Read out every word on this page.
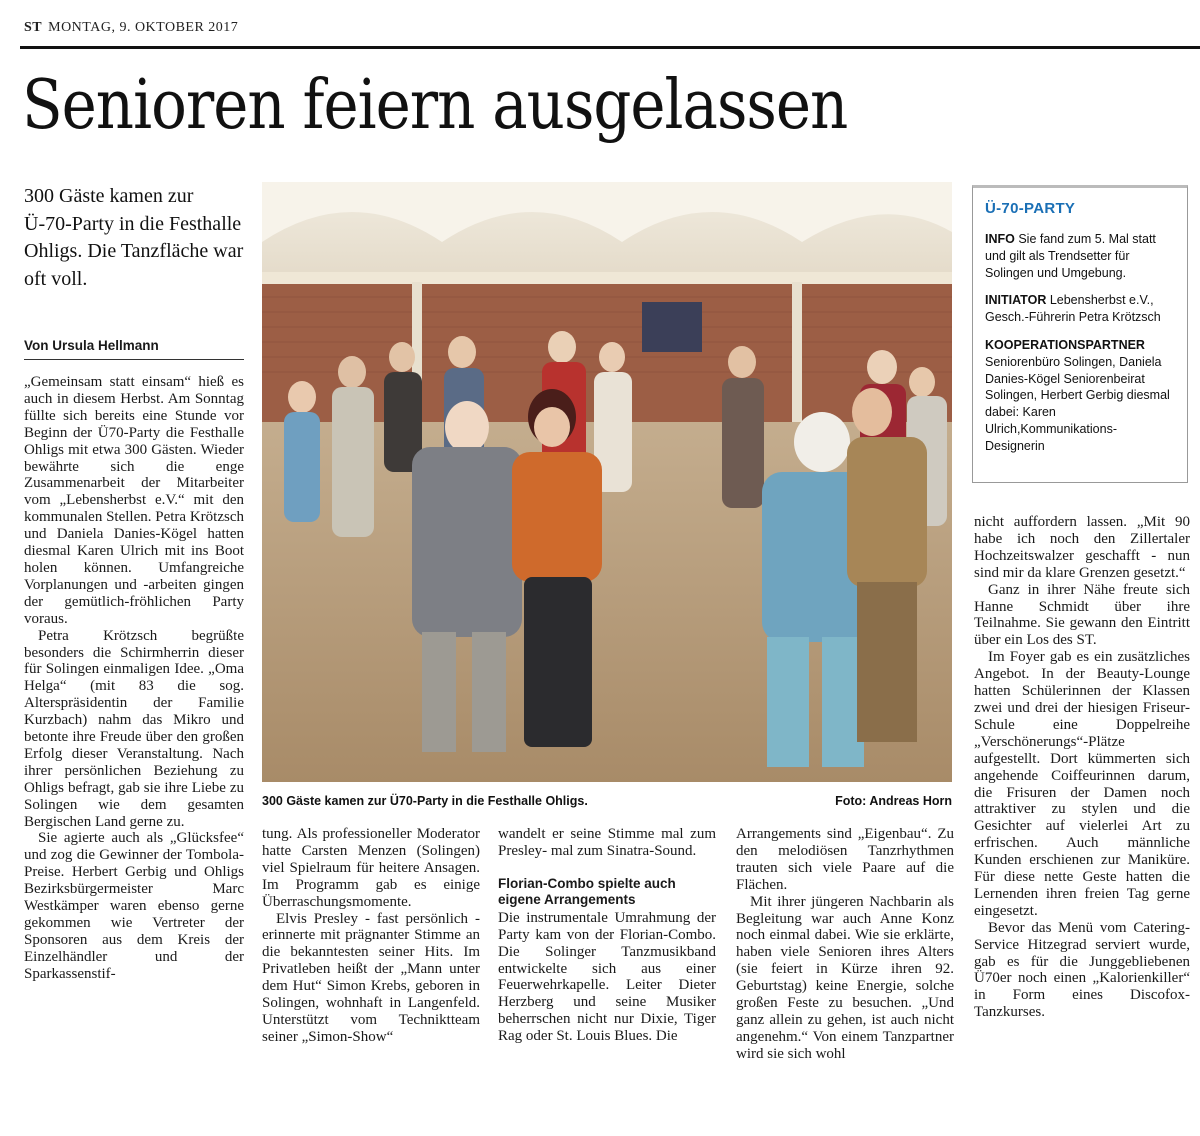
ST MONTAG, 9. OKTOBER 2017
Senioren feiern ausgelassen
300 Gäste kamen zur Ü-70-Party in die Festhalle Ohligs. Die Tanzfläche war oft voll.
Von Ursula Hellmann

„Gemeinsam statt einsam“ hieß es auch in diesem Herbst. Am Sonntag füllte sich bereits eine Stunde vor Beginn der Ü70-Party die Festhalle Ohligs mit etwa 300 Gästen. Wieder bewährte sich die enge Zusammenarbeit der Mitarbeiter vom „Lebensherbst e.V.“ mit den kommunalen Stellen. Petra Krötzsch und Daniela Danies-Kögel hatten diesmal Karen Ulrich mit ins Boot holen können. Umfangreiche Vorplanungen und -arbeiten gingen der gemütlich-fröhlichen Party voraus.

Petra Krötzsch begrüßte besonders die Schirmherrin dieser für Solingen einmaligen Idee. „Oma Helga“ (mit 83 die sog. Alterspräsidentin der Familie Kurzbach) nahm das Mikro und betonte ihre Freude über den großen Erfolg dieser Veranstaltung. Nach ihrer persönlichen Beziehung zu Ohligs befragt, gab sie ihre Liebe zu Solingen wie dem gesamten Bergischen Land gerne zu.

Sie agierte auch als „Glücksfee“ und zog die Gewinner der Tombola-Preise. Herbert Gerbig und Ohligs Bezirksbürgermeister Marc Westkämper waren ebenso gerne gekommen wie Vertreter der Sponsoren aus dem Kreis der Einzelhändler und der Sparkassenstif-

300 Gäste kamen zur Ü70-Party in die Festhalle Ohligs.	Foto: Andreas Horn
Ü-70-PARTY

INFO Sie fand zum 5. Mal statt und gilt als Trendsetter für Solingen und Umgebung.

INITIATOR Lebensherbst e.V., Gesch.-Führerin Petra Krötzsch

KOOPERATIONSPARTNER Seniorenbüro Solingen, Daniela Danies-Kögel Seniorenbeirat Solingen, Herbert Gerbig diesmal dabei: Karen Ulrich,Kommunikations-Designerin

tung. Als professioneller Moderator hatte Carsten Menzen (Solingen) viel Spielraum für heitere Ansagen. Im Programm gab es einige Überraschungsmomente.

Elvis Presley - fast persönlich - erinnerte mit prägnanter Stimme an die bekanntesten seiner Hits. Im Privatleben heißt der „Mann unter dem Hut“ Simon Krebs, geboren in Solingen, wohnhaft in Langenfeld. Unterstützt vom Techniktteam seiner „Simon-Show“

wandelt er seine Stimme mal zum Presley- mal zum Sinatra-Sound.

Florian-Combo spielte auch eigene Arrangements

Die instrumentale Umrahmung der Party kam von der Florian-Combo. Die Solinger Tanzmusikband entwickelte sich aus einer Feuerwehrkapelle. Leiter Dieter Herzberg und seine Musiker beherrschen nicht nur Dixie, Tiger Rag oder St. Louis Blues. Die

Arrangements sind „Eigenbau“. Zu den melodiösen Tanzrhythmen trauten sich viele Paare auf die Flächen.

Mit ihrer jüngeren Nachbarin als Begleitung war auch Anne Konz noch einmal dabei. Wie sie erklärte, haben viele Senioren ihres Alters (sie feiert in Kürze ihren 92. Geburtstag) keine Energie, solche großen Feste zu besuchen. „Und ganz allein zu gehen, ist auch nicht angenehm.“ Von einem Tanzpartner wird sie sich wohl

nicht auffordern lassen. „Mit 90 habe ich noch den Zillertaler Hochzeitswalzer geschafft - nun sind mir da klare Grenzen gesetzt.“

Ganz in ihrer Nähe freute sich Hanne Schmidt über ihre Teilnahme. Sie gewann den Eintritt über ein Los des ST.

Im Foyer gab es ein zusätzliches Angebot. In der Beauty-Lounge hatten Schülerinnen der Klassen zwei und drei der hiesigen Friseur-Schule eine Doppelreihe „Verschönerungs“-Plätze aufgestellt. Dort kümmerten sich angehende Coiffeurinnen darum, die Frisuren der Damen noch attraktiver zu stylen und die Gesichter auf vielerlei Art zu erfrischen. Auch männliche Kunden erschienen zur Maniküre. Für diese nette Geste hatten die Lernenden ihren freien Tag gerne eingesetzt.

Bevor das Menü vom Catering-Service Hitzegrad serviert wurde, gab es für die Junggebliebenen Ü70er noch einen „Kalorienkiller“ in Form eines Discofox-Tanzkurses.
